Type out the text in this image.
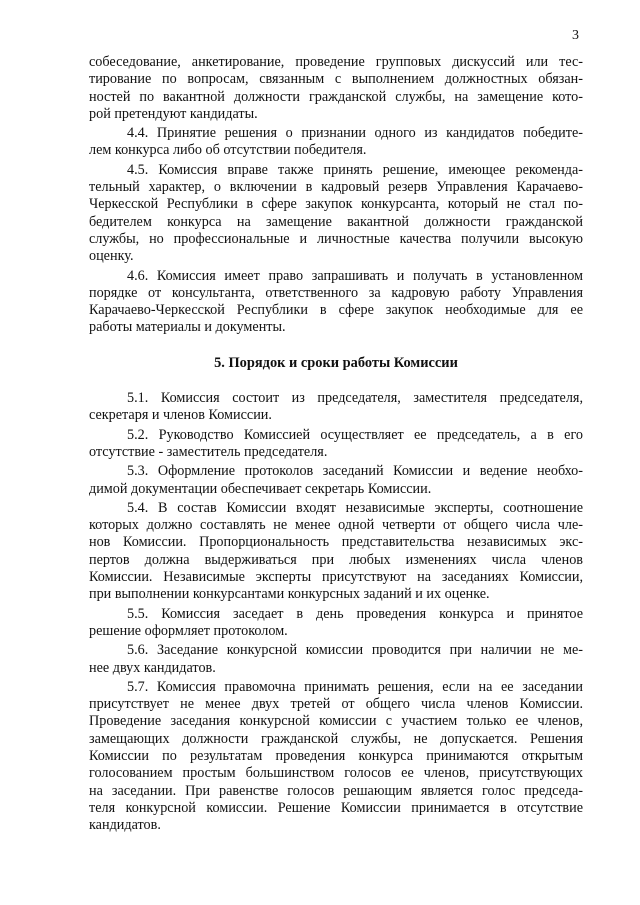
3
собеседование, анкетирование, проведение групповых дискуссий или тес-
тирование по вопросам, связанным с выполнением должностных обязан-
ностей по вакантной должности гражданской службы, на замещение кото-
рой претендуют кандидаты.
4.4. Принятие решения о признании одного из кандидатов победите-
лем конкурса либо об отсутствии победителя.
4.5. Комиссия вправе также принять решение, имеющее рекоменда-
тельный характер, о включении в кадровый резерв Управления Карачаево-
Черкесской Республики в сфере закупок конкурсанта, который не стал по-
бедителем конкурса на замещение вакантной должности гражданской
службы, но профессиональные и личностные качества получили высокую
оценку.
4.6. Комиссия имеет право запрашивать и получать в установленном
порядке от консультанта, ответственного за кадровую работу Управления
Карачаево-Черкесской Республики в сфере закупок необходимые для ее
работы материалы и документы.
5. Порядок и сроки работы Комиссии
5.1. Комиссия состоит из председателя, заместителя председателя,
секретаря и членов Комиссии.
5.2. Руководство Комиссией осуществляет ее председатель, а в его
отсутствие - заместитель председателя.
5.3. Оформление протоколов заседаний Комиссии и ведение необхо-
димой документации обеспечивает секретарь Комиссии.
5.4. В состав Комиссии входят независимые эксперты, соотношение
которых должно составлять не менее одной четверти от общего числа чле-
нов Комиссии. Пропорциональность представительства независимых экс-
пертов должна выдерживаться при любых изменениях числа членов
Комиссии. Независимые эксперты присутствуют на заседаниях Комиссии,
при выполнении конкурсантами конкурсных заданий и их оценке.
5.5. Комиссия заседает в день проведения конкурса и принятое
решение оформляет протоколом.
5.6. Заседание конкурсной комиссии проводится при наличии не ме-
нее двух кандидатов.
5.7. Комиссия правомочна принимать решения, если на ее заседании
присутствует не менее двух третей от общего числа членов Комиссии.
Проведение заседания конкурсной комиссии с участием только ее членов,
замещающих должности гражданской службы, не допускается. Решения
Комиссии по результатам проведения конкурса принимаются открытым
голосованием простым большинством голосов ее членов, присутствующих
на заседании. При равенстве голосов решающим является голос председа-
теля конкурсной комиссии. Решение Комиссии принимается в отсутствие
кандидатов.
